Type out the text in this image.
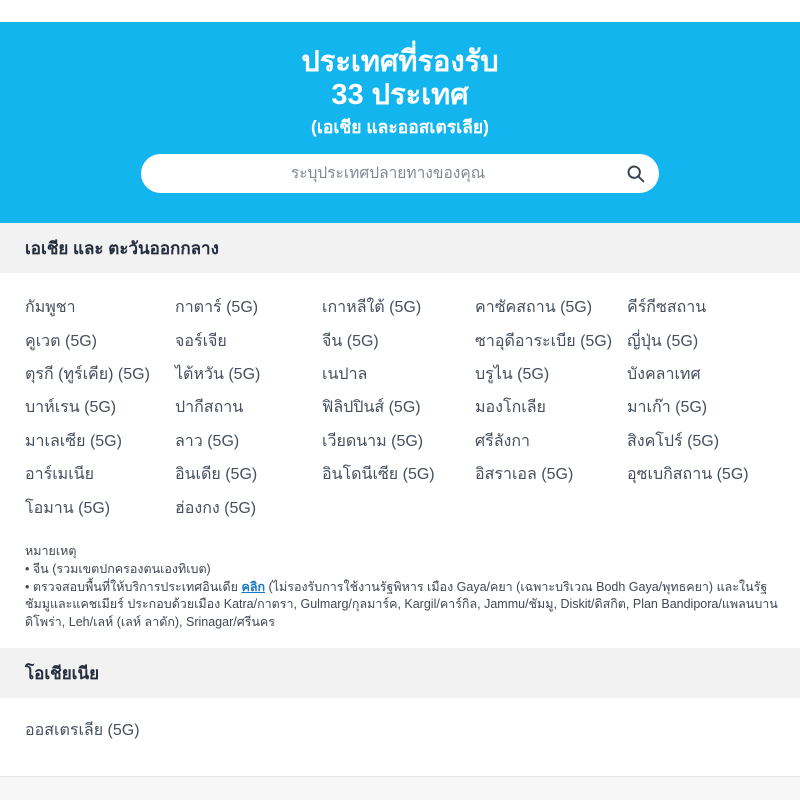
ประเทศที่รองรับ
33 ประเทศ
(เอเชีย และออสเตรเลีย)
ระบุประเทศปลายทางของคุณ
เอเชีย และ ตะวันออกกลาง
กัมพูชา	กาตาร์ (5G)	เกาหลีใต้ (5G)	คาซัคสถาน (5G)	คีร์กีซสถาน
คูเวต (5G)	จอร์เจีย	จีน (5G)	ซาอุดีอาระเบีย (5G) ญี่ปุ่น (5G)
ตุรกี (ทูร์เคีย) (5G)	ไต้หวัน (5G)	เนปาล	บรูไน (5G)	บังคลาเทศ
บาห์เรน (5G)	ปากีสถาน	ฟิลิปปินส์ (5G)	มองโกเลีย	มาเก๊า (5G)
มาเลเซีย (5G)	ลาว (5G)	เวียดนาม (5G)	ศรีลังกา	สิงคโปร์ (5G)
อาร์เมเนีย	อินเดีย (5G)	อินโดนีเซีย (5G)	อิสราเอล (5G)	อุซเบกิสถาน (5G)
โอมาน (5G)	ฮ่องกง (5G)
หมายเหตุ
• จีน (รวมเขตปกครองตนเองทิเบต)
• ตรวจสอบพื้นที่ให้บริการประเทศอินเดีย คลิก (ไม่รองรับการใช้งานรัฐพิหาร เมือง Gaya/คยา (เฉพาะบริเวณ Bodh Gaya/พุทธคยา) และในรัฐชัมมูและแคชเมียร์ ประกอบด้วยเมือง Katra/กาตรา, Gulmarg/กุลมาร์ค, Kargil/คาร์กิล, Jammu/ชัมมู, Diskit/ดิสกิต, Plan Bandipora/แพลนบานดิโพร่า, Leh/เลห์ (เลห์ ลาดัก), Srinagar/ศรีนคร
โอเชียเนีย
ออสเตรเลีย (5G)
